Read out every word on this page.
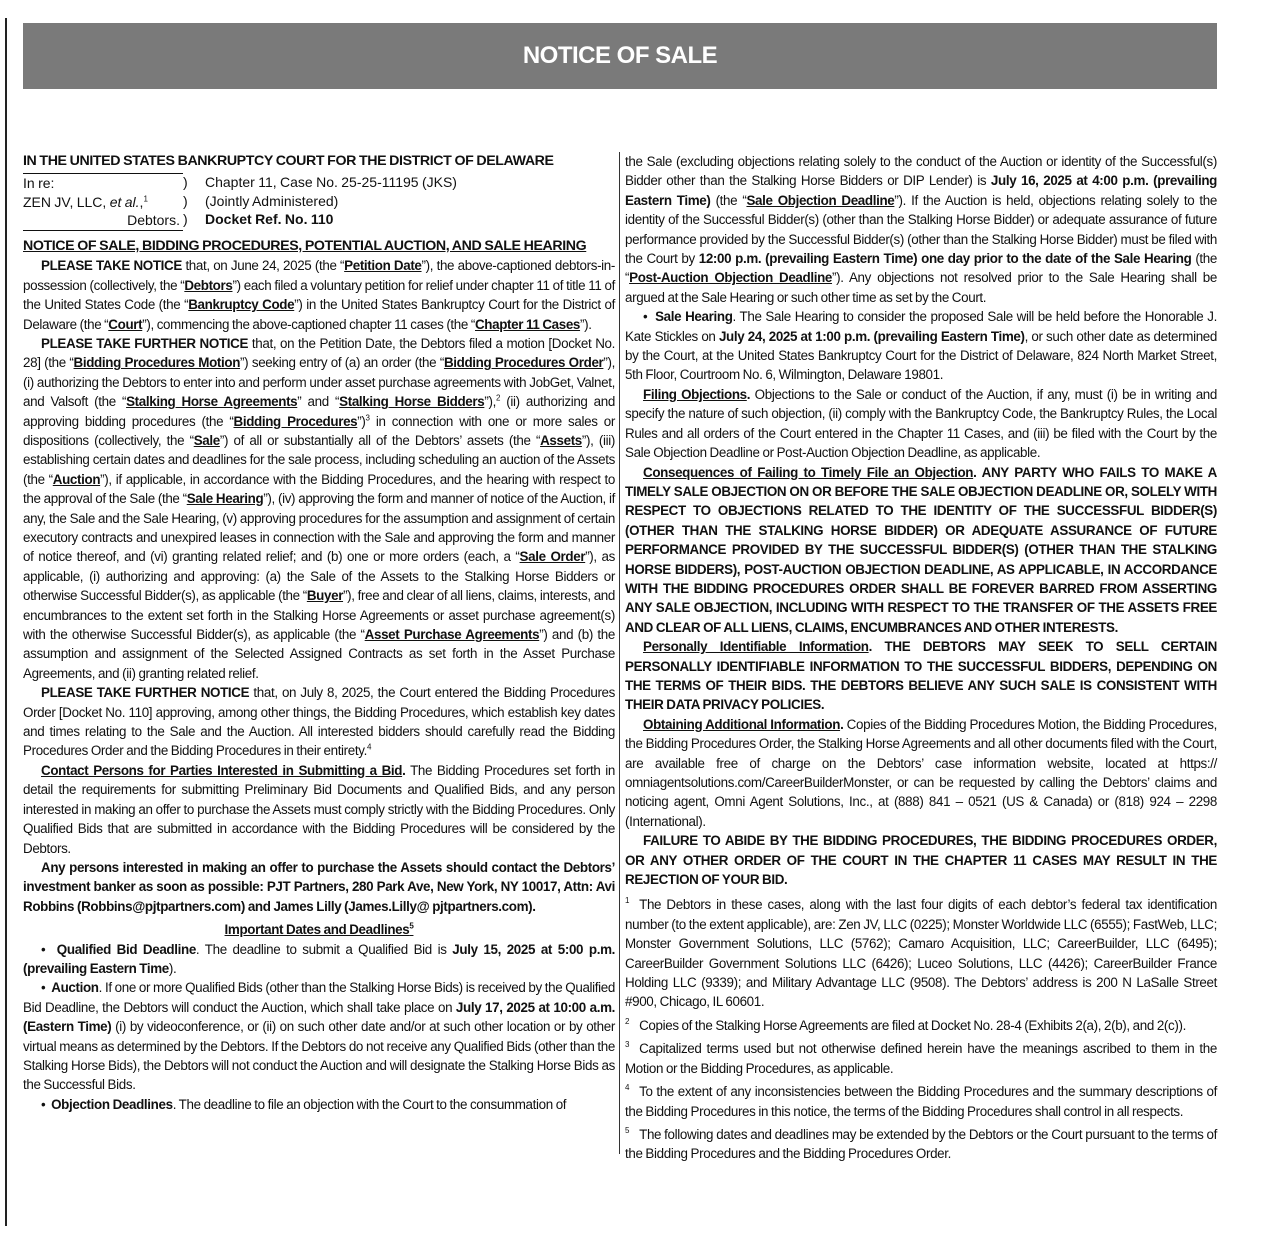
NOTICE OF SALE
IN THE UNITED STATES BANKRUPTCY COURT FOR THE DISTRICT OF DELAWARE
In re:
ZEN JV, LLC, et al.,$^1$
Debtors.
)
)
)
Chapter 11, Case No. 25-25-11195 (JKS)
(Jointly Administered)
Docket Ref. No. 110
NOTICE OF SALE, BIDDING PROCEDURES, POTENTIAL AUCTION, AND SALE HEARING

PLEASE TAKE NOTICE that, on June 24, 2025 (the “Petition Date”), the above-captioned debtors-in-possession (collectively, the “Debtors”) each filed a voluntary petition for relief under chapter 11 of title 11 of the United States Code (the “Bankruptcy Code”) in the United States Bankruptcy Court for the District of Delaware (the “Court”), commencing the above-captioned chapter 11 cases (the “Chapter 11 Cases”).

PLEASE TAKE FURTHER NOTICE that, on the Petition Date, the Debtors filed a motion [Docket No. 28] (the “Bidding Procedures Motion”) seeking entry of (a) an order (the “Bidding Procedures Order”), (i) authorizing the Debtors to enter into and perform under asset purchase agreements with JobGet, Valnet, and Valsoft (the “Stalking Horse Agreements” and “Stalking Horse Bidders”),$^2$ (ii) authorizing and approving bidding procedures (the “Bidding Procedures”)$^3$ in connection with one or more sales or dispositions (collectively, the “Sale”) of all or substantially all of the Debtors’ assets (the “Assets”), (iii) establishing certain dates and deadlines for the sale process, including scheduling an auction of the Assets (the “Auction”), if applicable, in accordance with the Bidding Procedures, and the hearing with respect to the approval of the Sale (the “Sale Hearing”), (iv) approving the form and manner of notice of the Auction, if any, the Sale and the Sale Hearing, (v) approving procedures for the assumption and assignment of certain executory contracts and unexpired leases in connection with the Sale and approving the form and manner of notice thereof, and (vi) granting related relief; and (b) one or more orders (each, a “Sale Order”), as applicable, (i) authorizing and approving: (a) the Sale of the Assets to the Stalking Horse Bidders or otherwise Successful Bidder(s), as applicable (the “Buyer”), free and clear of all liens, claims, interests, and encumbrances to the extent set forth in the Stalking Horse Agreements or asset purchase agreement(s) with the otherwise Successful Bidder(s), as applicable (the “Asset Purchase Agreements”) and (b) the assumption and assignment of the Selected Assigned Contracts as set forth in the Asset Purchase Agreements, and (ii) granting related relief.

PLEASE TAKE FURTHER NOTICE that, on July 8, 2025, the Court entered the Bidding Procedures Order [Docket No. 110] approving, among other things, the Bidding Procedures, which establish key dates and times relating to the Sale and the Auction. All interested bidders should carefully read the Bidding Procedures Order and the Bidding Procedures in their entirety.$^4$

Contact Persons for Parties Interested in Submitting a Bid. The Bidding Procedures set forth in detail the requirements for submitting Preliminary Bid Documents and Qualified Bids, and any person interested in making an offer to purchase the Assets must comply strictly with the Bidding Procedures. Only Qualified Bids that are submitted in accordance with the Bidding Procedures will be considered by the Debtors.

Any persons interested in making an offer to purchase the Assets should contact the Debtors’ investment banker as soon as possible: PJT Partners, 280 Park Ave, New York, NY 10017, Attn: Avi Robbins (Robbins@pjtpartners.com) and James Lilly (James.Lilly@ pjtpartners.com).

Important Dates and Deadlines$^5$

•  Qualified Bid Deadline. The deadline to submit a Qualified Bid is July 15, 2025 at 5:00 p.m. (prevailing Eastern Time).

•  Auction. If one or more Qualified Bids (other than the Stalking Horse Bids) is received by the Qualified Bid Deadline, the Debtors will conduct the Auction, which shall take place on July 17, 2025 at 10:00 a.m. (Eastern Time) (i) by videoconference, or (ii) on such other date and/or at such other location or by other virtual means as determined by the Debtors. If the Debtors do not receive any Qualified Bids (other than the Stalking Horse Bids), the Debtors will not conduct the Auction and will designate the Stalking Horse Bids as the Successful Bids.

•  Objection Deadlines. The deadline to file an objection with the Court to the consummation of

the Sale (excluding objections relating solely to the conduct of the Auction or identity of the Successful(s) Bidder other than the Stalking Horse Bidders or DIP Lender) is July 16, 2025 at 4:00 p.m. (prevailing Eastern Time) (the “Sale Objection Deadline”). If the Auction is held, objections relating solely to the identity of the Successful Bidder(s) (other than the Stalking Horse Bidder) or adequate assurance of future performance provided by the Successful Bidder(s) (other than the Stalking Horse Bidder) must be filed with the Court by 12:00 p.m. (prevailing Eastern Time) one day prior to the date of the Sale Hearing (the “Post-Auction Objection Deadline”). Any objections not resolved prior to the Sale Hearing shall be argued at the Sale Hearing or such other time as set by the Court.

•  Sale Hearing. The Sale Hearing to consider the proposed Sale will be held before the Honorable J. Kate Stickles on July 24, 2025 at 1:00 p.m. (prevailing Eastern Time), or such other date as determined by the Court, at the United States Bankruptcy Court for the District of Delaware, 824 North Market Street, 5th Floor, Courtroom No. 6, Wilmington, Delaware 19801.

Filing Objections. Objections to the Sale or conduct of the Auction, if any, must (i) be in writing and specify the nature of such objection, (ii) comply with the Bankruptcy Code, the Bankruptcy Rules, the Local Rules and all orders of the Court entered in the Chapter 11 Cases, and (iii) be filed with the Court by the Sale Objection Deadline or Post-Auction Objection Deadline, as applicable.

Consequences of Failing to Timely File an Objection. ANY PARTY WHO FAILS TO MAKE A TIMELY SALE OBJECTION ON OR BEFORE THE SALE OBJECTION DEADLINE OR, SOLELY WITH RESPECT TO OBJECTIONS RELATED TO THE IDENTITY OF THE SUCCESSFUL BIDDER(S) (OTHER THAN THE STALKING HORSE BIDDER) OR ADEQUATE ASSURANCE OF FUTURE PERFORMANCE PROVIDED BY THE SUCCESSFUL BIDDER(S) (OTHER THAN THE STALKING HORSE BIDDERS), POST-AUCTION OBJECTION DEADLINE, AS APPLICABLE, IN ACCORDANCE WITH THE BIDDING PROCEDURES ORDER SHALL BE FOREVER BARRED FROM ASSERTING ANY SALE OBJECTION, INCLUDING WITH RESPECT TO THE TRANSFER OF THE ASSETS FREE AND CLEAR OF ALL LIENS, CLAIMS, ENCUMBRANCES AND OTHER INTERESTS.

Personally Identifiable Information. THE DEBTORS MAY SEEK TO SELL CERTAIN PERSONALLY IDENTIFIABLE INFORMATION TO THE SUCCESSFUL BIDDERS, DEPENDING ON THE TERMS OF THEIR BIDS. THE DEBTORS BELIEVE ANY SUCH SALE IS CONSISTENT WITH THEIR DATA PRIVACY POLICIES.

Obtaining Additional Information. Copies of the Bidding Procedures Motion, the Bidding Procedures, the Bidding Procedures Order, the Stalking Horse Agreements and all other documents filed with the Court, are available free of charge on the Debtors’ case information website, located at https:// omniagentsolutions.com/CareerBuilderMonster, or can be requested by calling the Debtors’ claims and noticing agent, Omni Agent Solutions, Inc., at (888) 841 – 0521 (US & Canada) or (818) 924 – 2298 (International).

FAILURE TO ABIDE BY THE BIDDING PROCEDURES, THE BIDDING PROCEDURES ORDER, OR ANY OTHER ORDER OF THE COURT IN THE CHAPTER 11 CASES MAY RESULT IN THE REJECTION OF YOUR BID.

$^1$ The Debtors in these cases, along with the last four digits of each debtor’s federal tax identification number (to the extent applicable), are: Zen JV, LLC (0225); Monster Worldwide LLC (6555); FastWeb, LLC; Monster Government Solutions, LLC (5762); Camaro Acquisition, LLC; CareerBuilder, LLC (6495); CareerBuilder Government Solutions LLC (6426); Luceo Solutions, LLC (4426); CareerBuilder France Holding LLC (9339); and Military Advantage LLC (9508). The Debtors’ address is 200 N LaSalle Street #900, Chicago, IL 60601.

$^2$ Copies of the Stalking Horse Agreements are filed at Docket No. 28-4 (Exhibits 2(a), 2(b), and 2(c)).

$^3$ Capitalized terms used but not otherwise defined herein have the meanings ascribed to them in the Motion or the Bidding Procedures, as applicable.

$^4$ To the extent of any inconsistencies between the Bidding Procedures and the summary descriptions of the Bidding Procedures in this notice, the terms of the Bidding Procedures shall control in all respects.

$^5$ The following dates and deadlines may be extended by the Debtors or the Court pursuant to the terms of the Bidding Procedures and the Bidding Procedures Order.
